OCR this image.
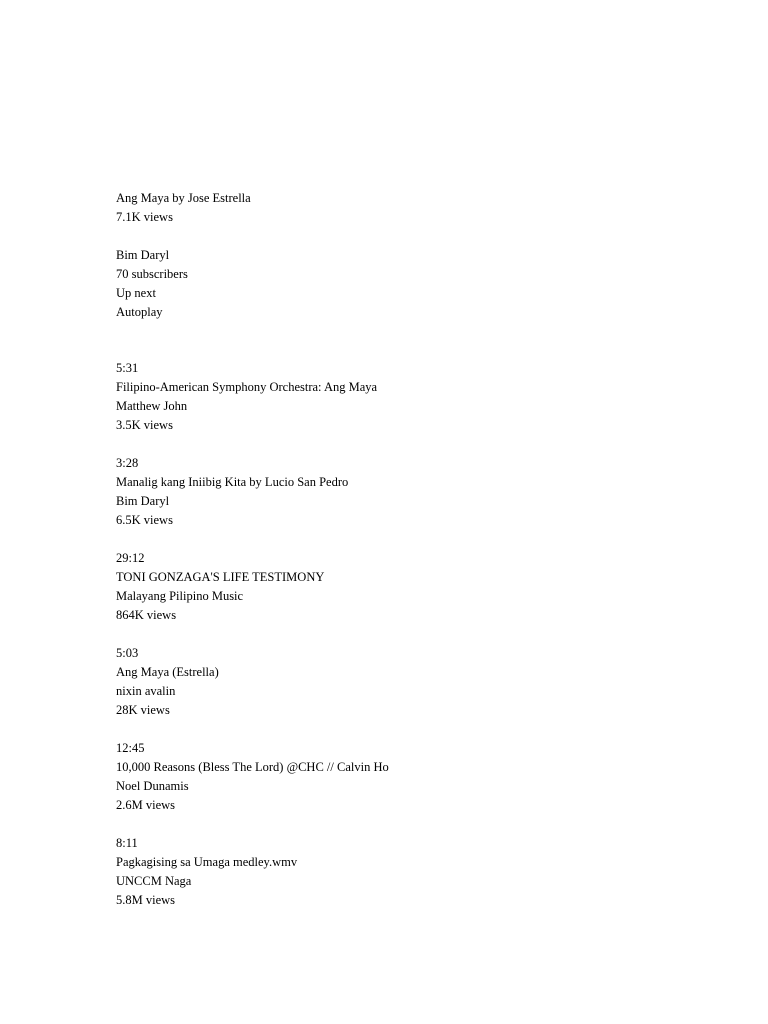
Ang Maya by Jose Estrella
7.1K views
Bim Daryl
70 subscribers
Up next
Autoplay
5:31
Filipino-American Symphony Orchestra: Ang Maya
Matthew John
3.5K views
3:28
Manalig kang Iniibig Kita by Lucio San Pedro
Bim Daryl
6.5K views
29:12
TONI GONZAGA'S LIFE TESTIMONY
Malayang Pilipino Music
864K views
5:03
Ang Maya (Estrella)
nixin avalin
28K views
12:45
10,000 Reasons (Bless The Lord) @CHC // Calvin Ho
Noel Dunamis
2.6M views
8:11
Pagkagising sa Umaga medley.wmv
UNCCM Naga
5.8M views
